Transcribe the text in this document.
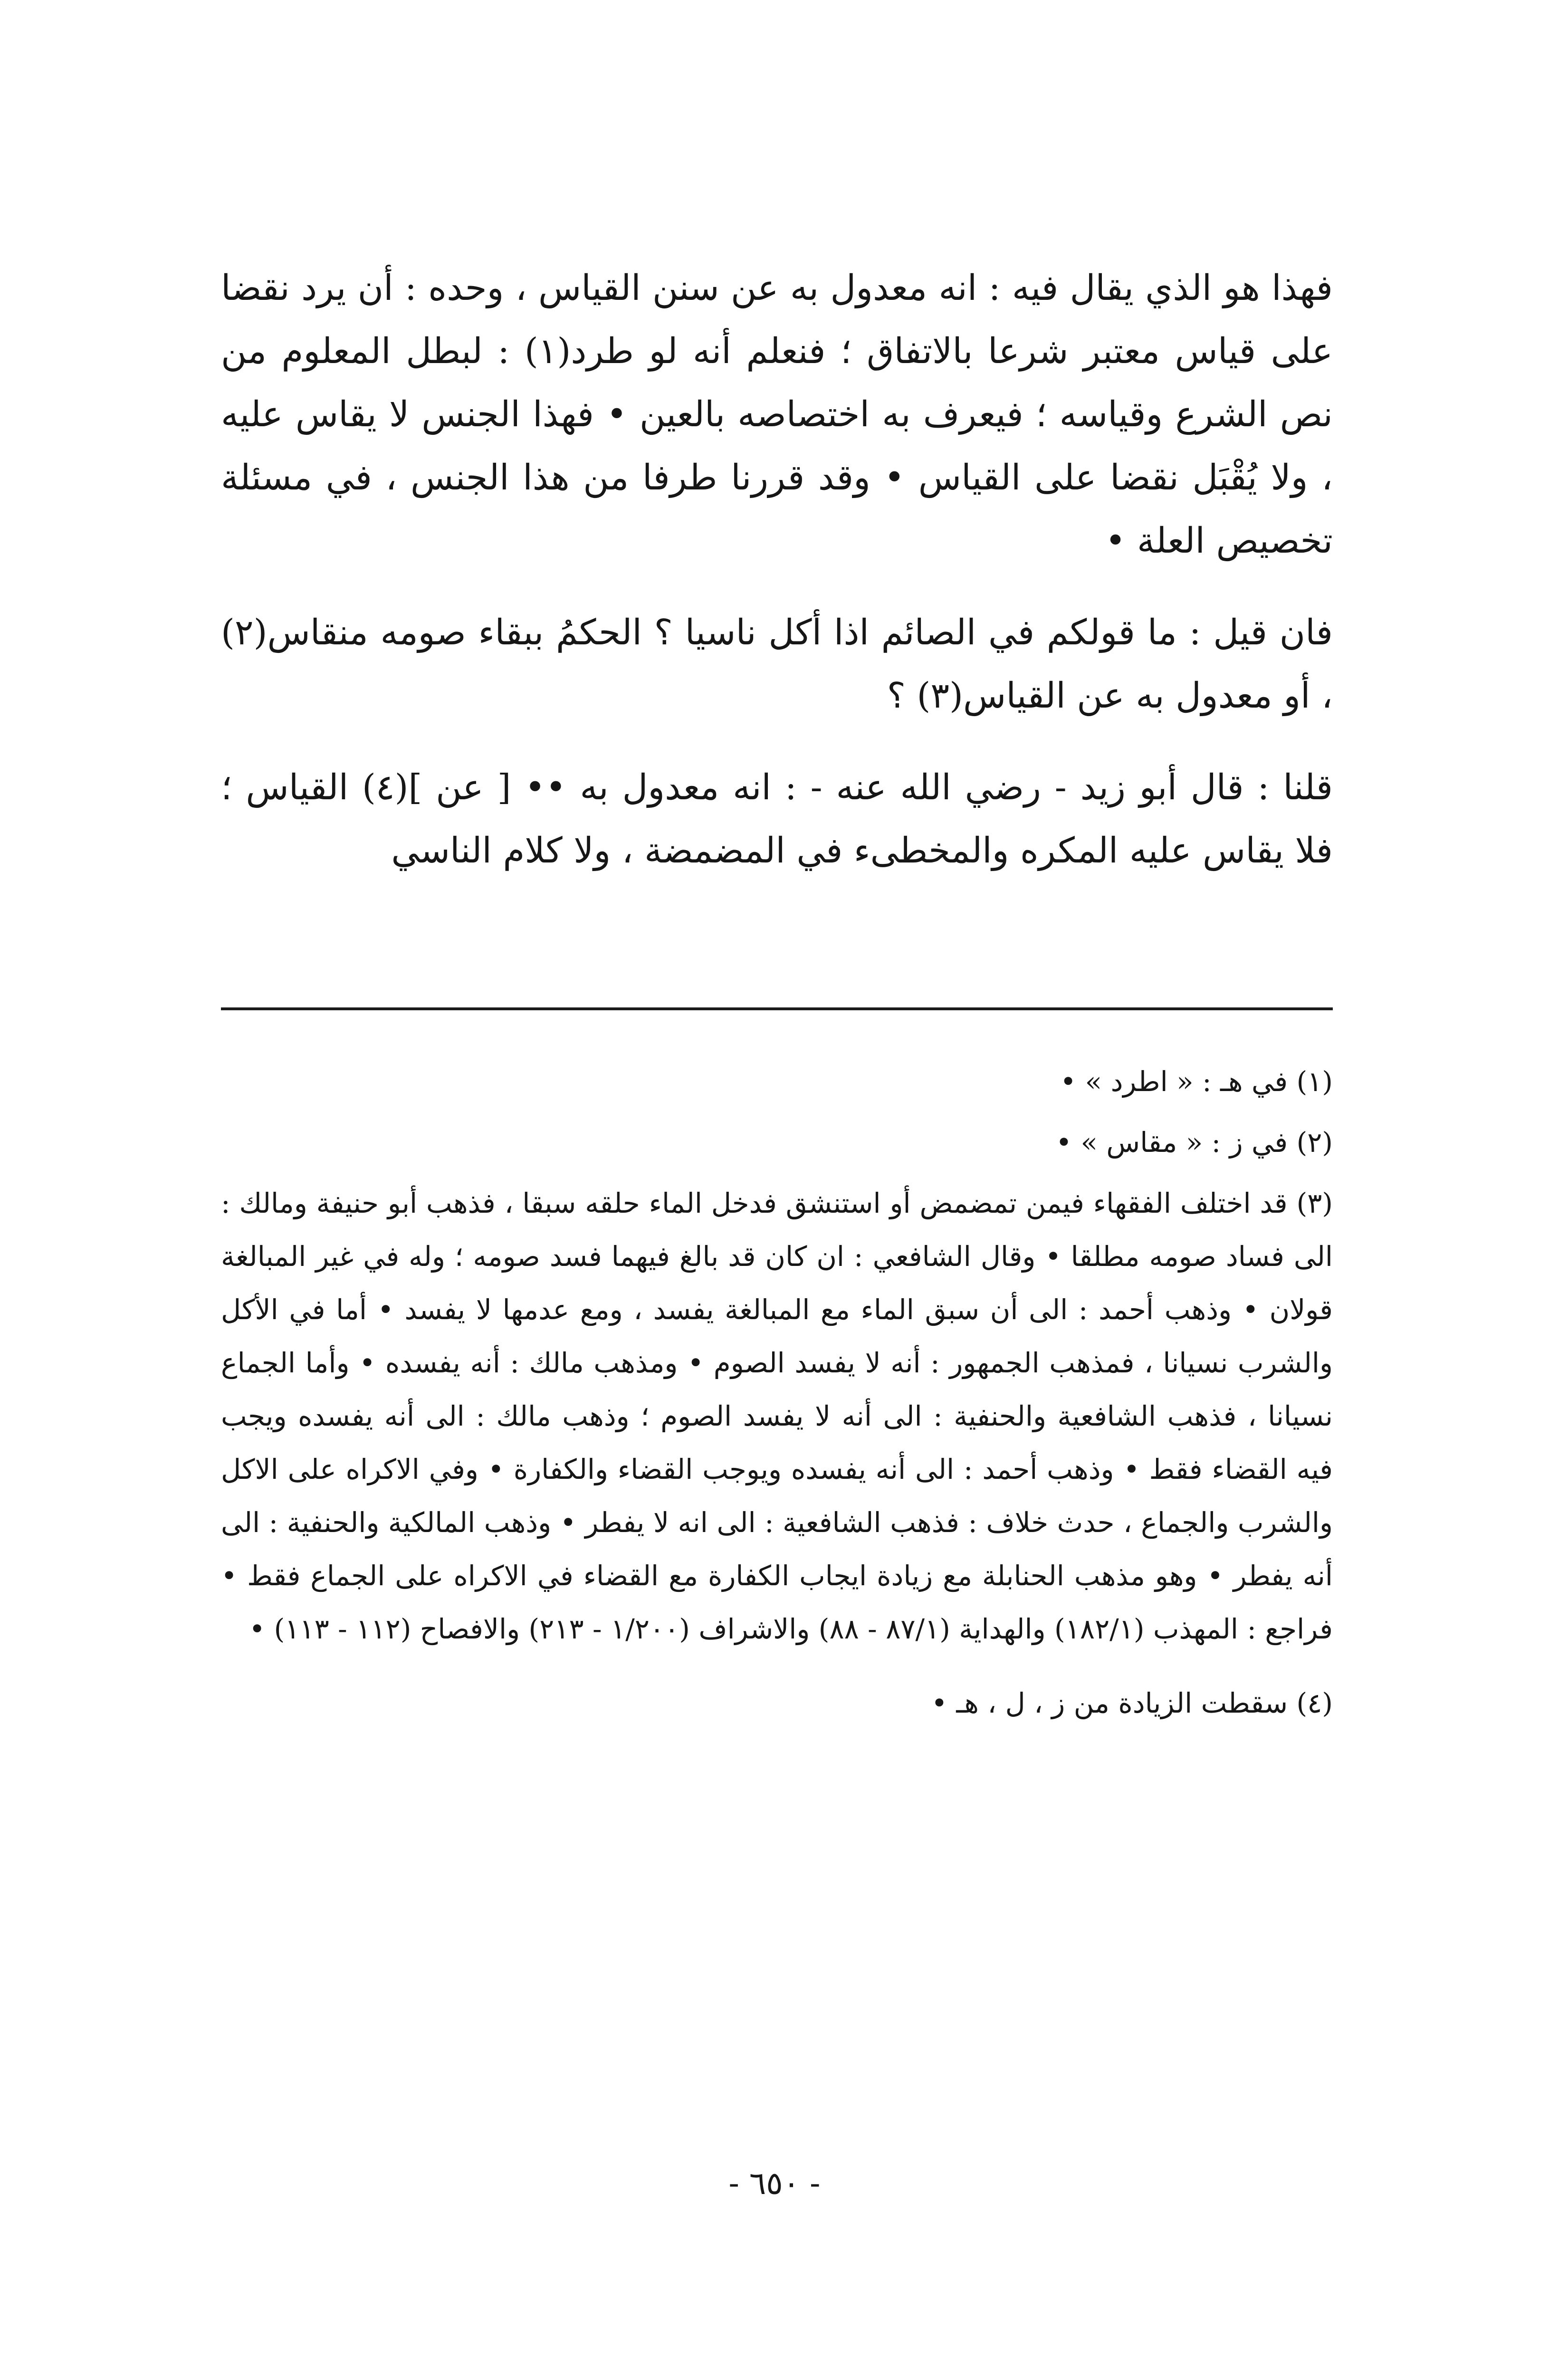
فهذا هو الذي يقال فيه : انه معدول به عن سنن القياس ، وحده : أن يرد نقضا على قياس معتبر شرعا بالاتفاق ؛ فنعلم أنه لو طرد(١) : لبطل المعلوم من نص الشرع وقياسه ؛ فيعرف به اختصاصه بالعين • فهذا الجنس لا يقاس عليه ، ولا يُقْبَل نقضا على القياس • وقد قررنا طرفا من هذا الجنس ، في مسئلة تخصيص العلة •

فان قيل : ما قولكم في الصائم اذا أكل ناسيا ؟ الحكمُ ببقاء صومه منقاس(٢) ، أو معدول به عن القياس(٣) ؟

قلنا : قال أبو زيد - رضي الله عنه - : انه معدول به •• [ عن ](٤) القياس ؛ فلا يقاس عليه المكره والمخطىء في المضمضة ، ولا كلام الناسي

(١) في هـ : « اطرد » •

(٢) في ز : « مقاس » •

(٣) قد اختلف الفقهاء فيمن تمضمض أو استنشق فدخل الماء حلقه سبقا ، فذهب أبو حنيفة ومالك : الى فساد صومه مطلقا • وقال الشافعي : ان كان قد بالغ فيهما فسد صومه ؛ وله في غير المبالغة قولان • وذهب أحمد : الى أن سبق الماء مع المبالغة يفسد ، ومع عدمها لا يفسد • أما في الأكل والشرب نسيانا ، فمذهب الجمهور : أنه لا يفسد الصوم • ومذهب مالك : أنه يفسده • وأما الجماع نسيانا ، فذهب الشافعية والحنفية : الى أنه لا يفسد الصوم ؛ وذهب مالك : الى أنه يفسده ويجب فيه القضاء فقط • وذهب أحمد : الى أنه يفسده ويوجب القضاء والكفارة • وفي الاكراه على الاكل والشرب والجماع ، حدث خلاف : فذهب الشافعية : الى انه لا يفطر • وذهب المالكية والحنفية : الى أنه يفطر • وهو مذهب الحنابلة مع زيادة ايجاب الكفارة مع القضاء في الاكراه على الجماع فقط • فراجع : المهذب (١٨٢/١) والهداية (٨٧/١ - ٨٨) والاشراف (١/٢٠٠ - ٢١٣) والافصاح (١١٢ - ١١٣) •

(٤) سقطت الزيادة من ز ، ل ، هـ •

- ٦٥٠ -
